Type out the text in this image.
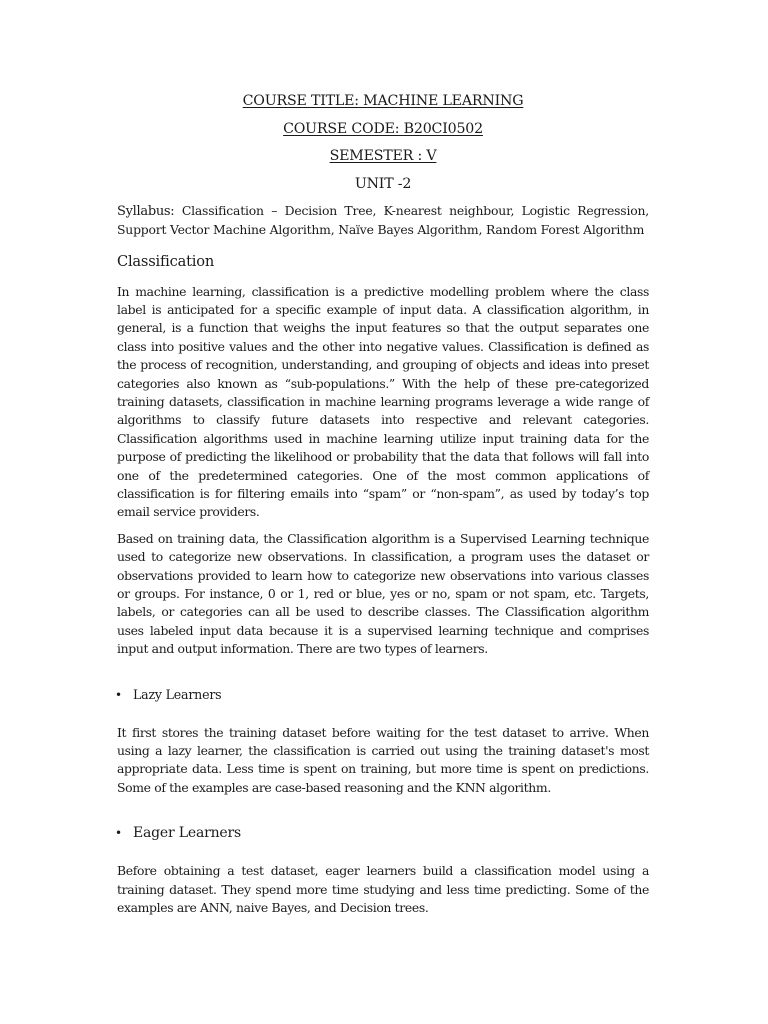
COURSE TITLE: MACHINE LEARNING
COURSE CODE: B20CI0502
SEMESTER : V
UNIT -2

Syllabus: Classification – Decision Tree, K-nearest neighbour, Logistic Regression, Support Vector Machine Algorithm, Naïve Bayes Algorithm, Random Forest Algorithm

Classification

In machine learning, classification is a predictive modelling problem where the class label is anticipated for a specific example of input data. A classification algorithm, in general, is a function that weighs the input features so that the output separates one class into positive values and the other into negative values. Classification is defined as the process of recognition, understanding, and grouping of objects and ideas into preset categories also known as “sub-populations.” With the help of these pre-categorized training datasets, classification in machine learning programs leverage a wide range of algorithms to classify future datasets into respective and relevant categories. Classification algorithms used in machine learning utilize input training data for the purpose of predicting the likelihood or probability that the data that follows will fall into one of the predetermined categories. One of the most common applications of classification is for filtering emails into “spam” or “non-spam”, as used by today’s top email service providers.

Based on training data, the Classification algorithm is a Supervised Learning technique used to categorize new observations. In classification, a program uses the dataset or observations provided to learn how to categorize new observations into various classes or groups. For instance, 0 or 1, red or blue, yes or no, spam or not spam, etc. Targets, labels, or categories can all be used to describe classes. The Classification algorithm uses labeled input data because it is a supervised learning technique and comprises input and output information. There are two types of learners.

• Lazy Learners

It first stores the training dataset before waiting for the test dataset to arrive. When using a lazy learner, the classification is carried out using the training dataset's most appropriate data. Less time is spent on training, but more time is spent on predictions. Some of the examples are case-based reasoning and the KNN algorithm.

• Eager Learners

Before obtaining a test dataset, eager learners build a classification model using a training dataset. They spend more time studying and less time predicting. Some of the examples are ANN, naive Bayes, and Decision trees.
